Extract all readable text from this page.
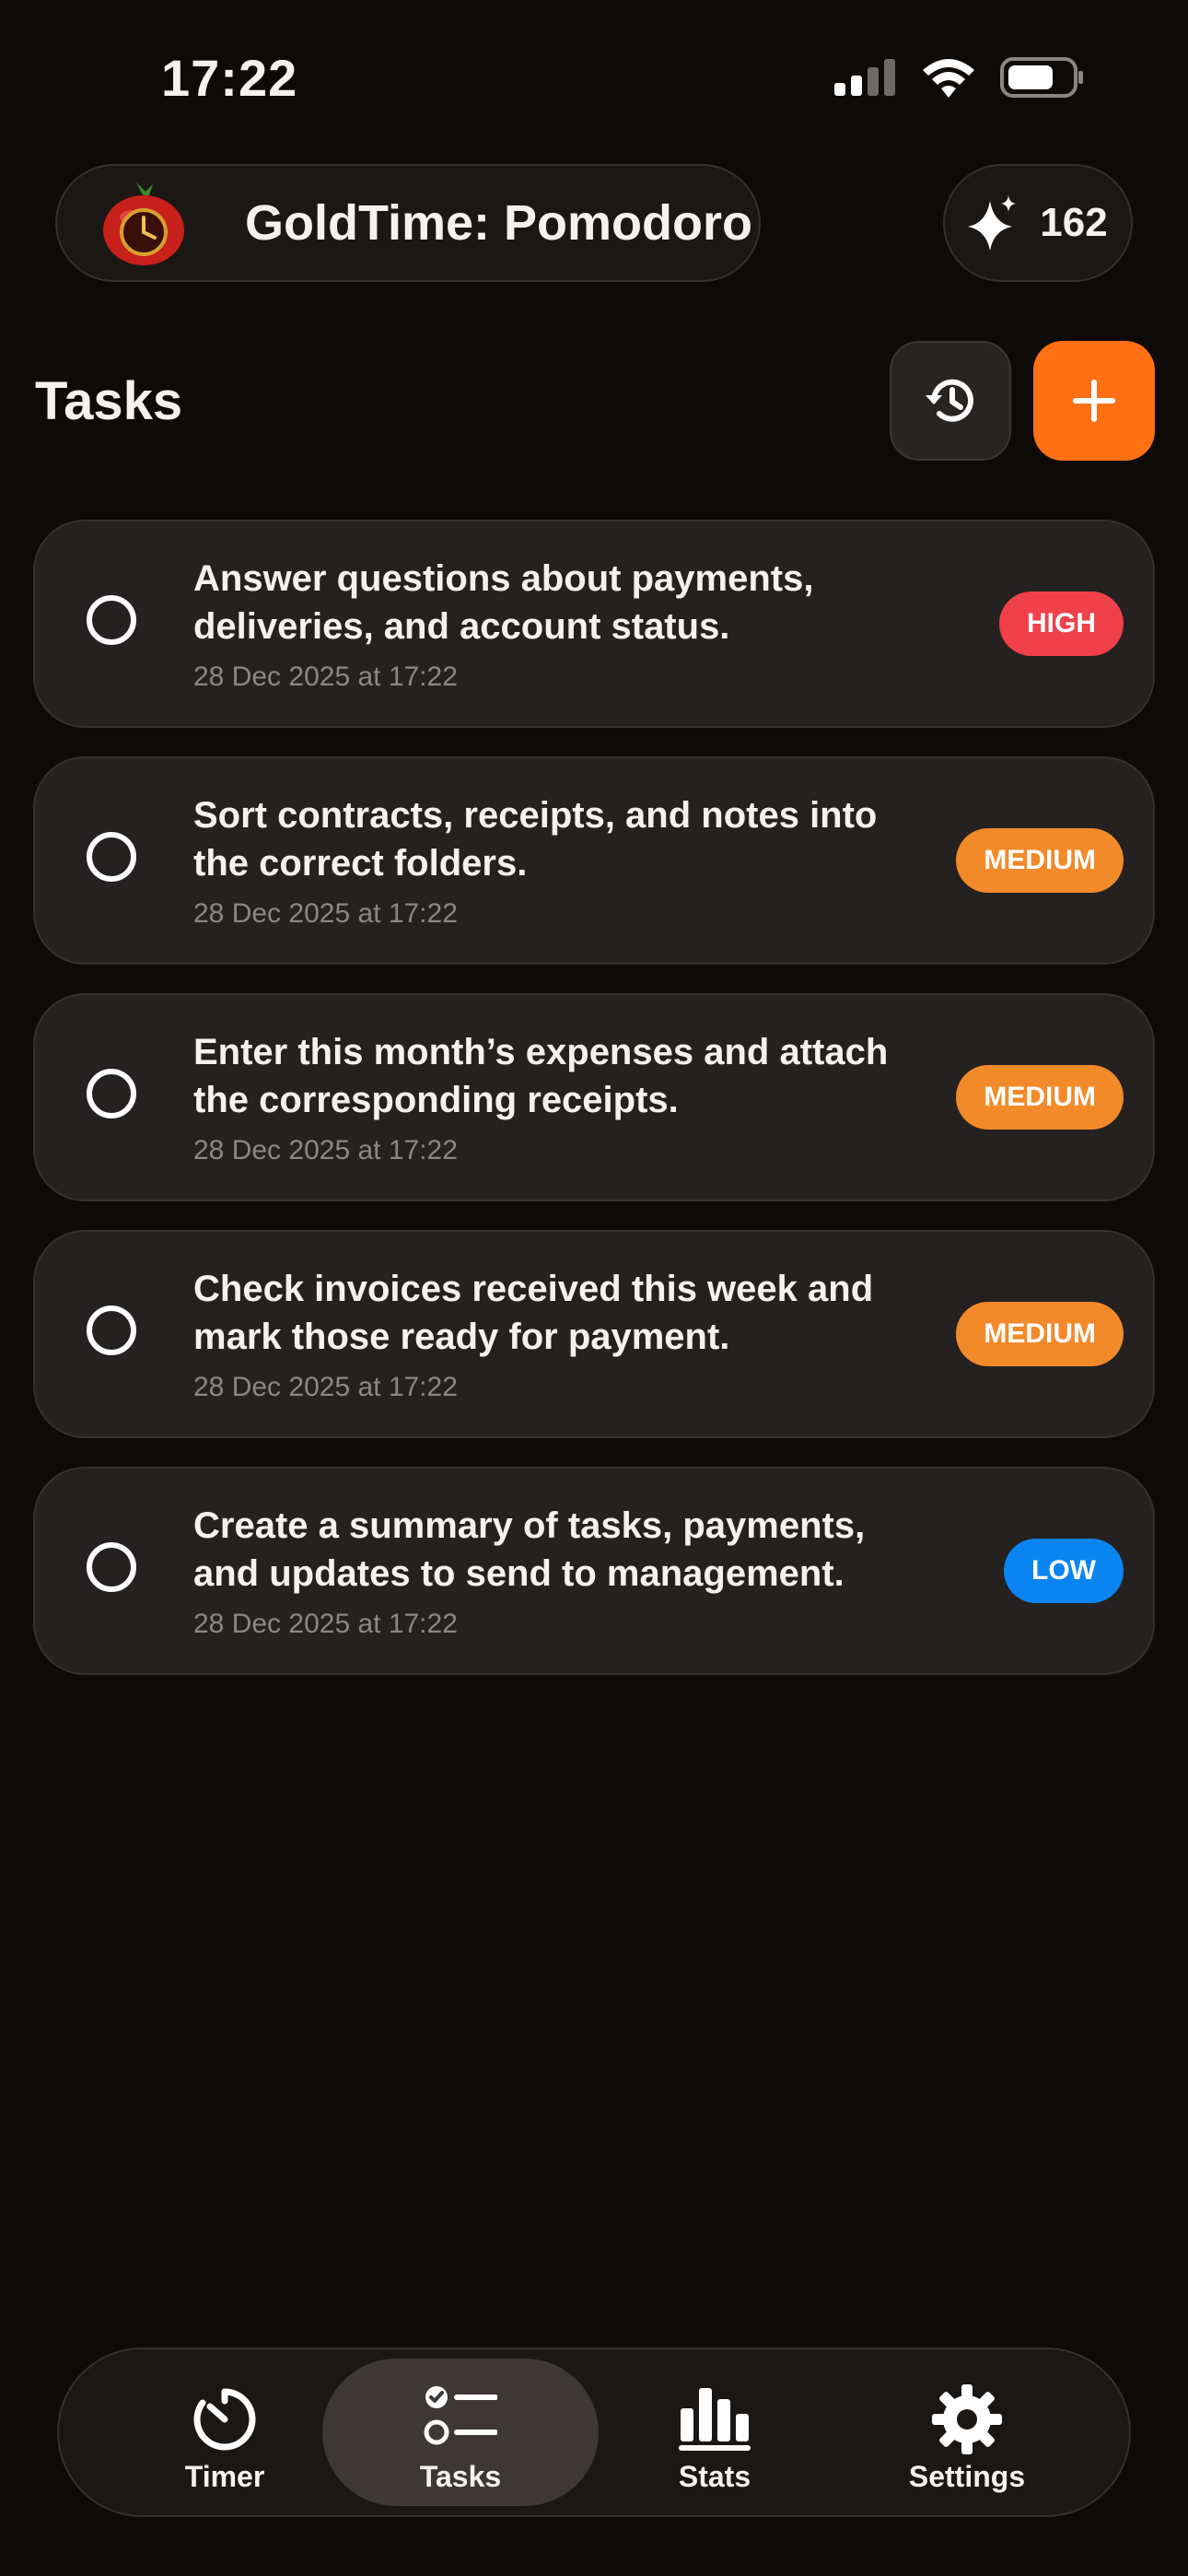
17:22
GoldTime: Pomodoro	162
Tasks
Answer questions about payments, deliveries, and account status.
28 Dec 2025 at 17:22
HIGH
Sort contracts, receipts, and notes into the correct folders.
28 Dec 2025 at 17:22
MEDIUM
Enter this month’s expenses and attach the corresponding receipts.
28 Dec 2025 at 17:22
MEDIUM
Check invoices received this week and mark those ready for payment.
28 Dec 2025 at 17:22
MEDIUM
Create a summary of tasks, payments, and updates to send to management.
28 Dec 2025 at 17:22
LOW
Timer	Tasks	Stats	Settings
